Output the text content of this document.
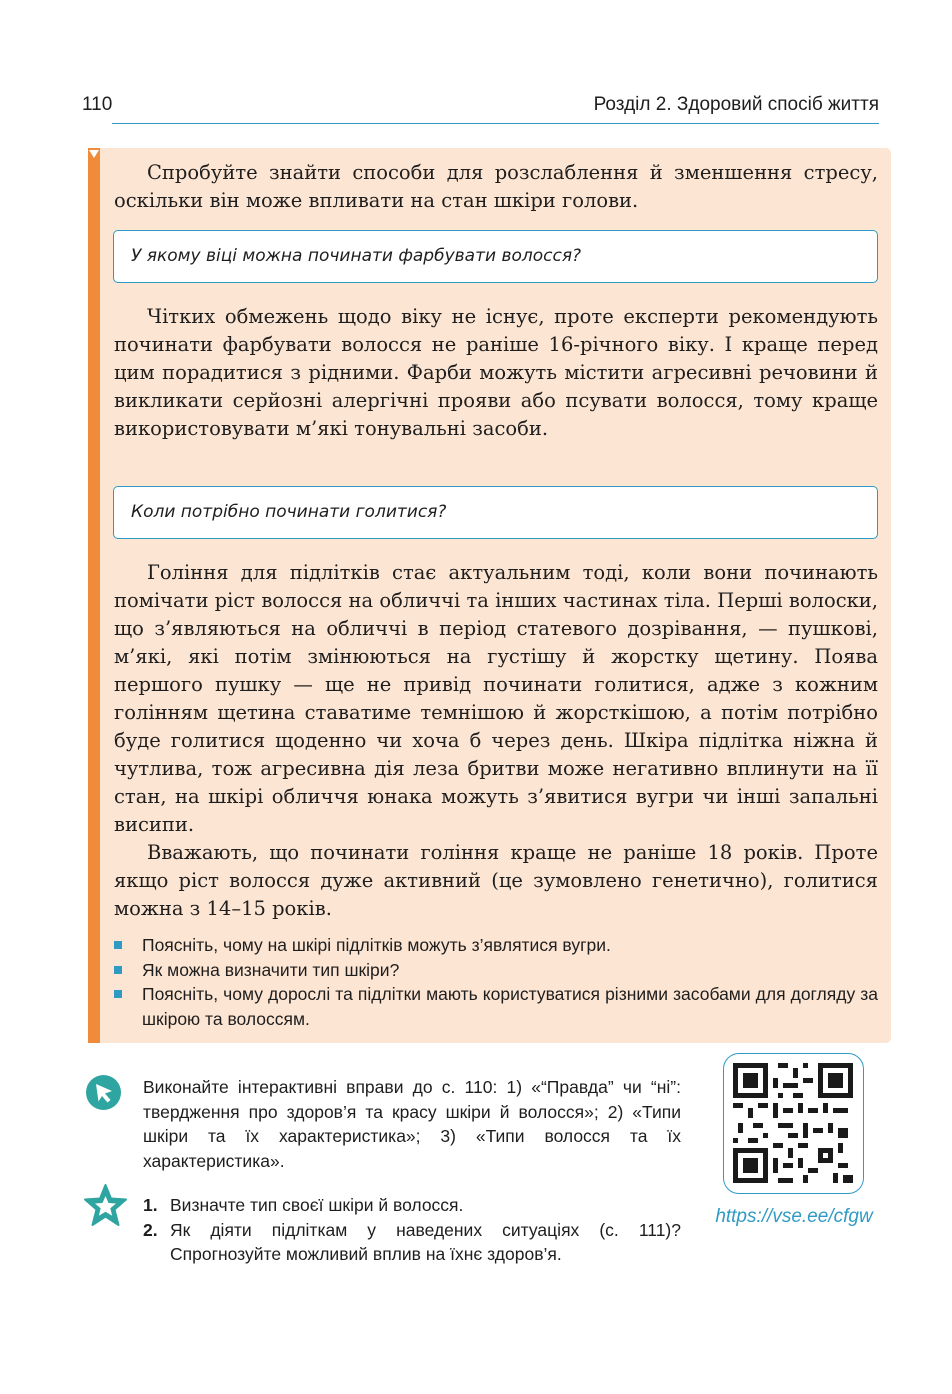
110	Розділ 2. Здоровий спосіб життя

Спробуйте знайти способи для розслаблення й зменшення стресу, оскільки він може впливати на стан шкіри голови.

У якому віці можна починати фарбувати волосся?

Чітких обмежень щодо віку не існує, проте експерти рекомендують починати фарбувати волосся не раніше 16-річного віку. І краще перед цим порадитися з рідними. Фарби можуть містити агресивні речовини й викликати серйозні алергічні прояви або псувати волосся, тому краще використовувати м’які тонувальні засоби.

Коли потрібно починати голитися?

Гоління для підлітків стає актуальним тоді, коли вони починають помічати ріст волосся на обличчі та інших частинах тіла. Перші волоски, що з’являються на обличчі в період статевого дозрівання, — пушкові, м’які, які потім змінюються на густішу й жорстку щетину. Поява першого пушку — ще не привід починати голитися, адже з кожним голінням щетина ставатиме темнішою й жорсткішою, а потім потрібно буде голитися щоденно чи хоча б через день. Шкіра підлітка ніжна й чутлива, тож агресивна дія леза бритви може негативно вплинути на її стан, на шкірі обличчя юнака можуть з’явитися вугри чи інші запальні висипи.

Вважають, що починати гоління краще не раніше 18 років. Проте якщо ріст волосся дуже активний (це зумовлено генетично), голитися можна з 14–15 років.

Поясніть, чому на шкірі підлітків можуть з’являтися вугри.
Як можна визначити тип шкіри?
Поясніть, чому дорослі та підлітки мають користуватися різними засобами для догляду за шкірою та волоссям.

Виконайте інтерактивні вправи до с. 110: 1) «“Правда” чи “ні”: твердження про здоров’я та красу шкіри й волосся»; 2) «Типи шкіри та їх характеристика»; 3) «Типи волосся та їх характеристика».

1. Визначте тип своєї шкіри й волосся.
2. Як діяти підліткам у наведених ситуаціях (с. 111)? Спрогнозуйте можливий вплив на їхнє здоров’я.
https://vse.ee/cfgw
